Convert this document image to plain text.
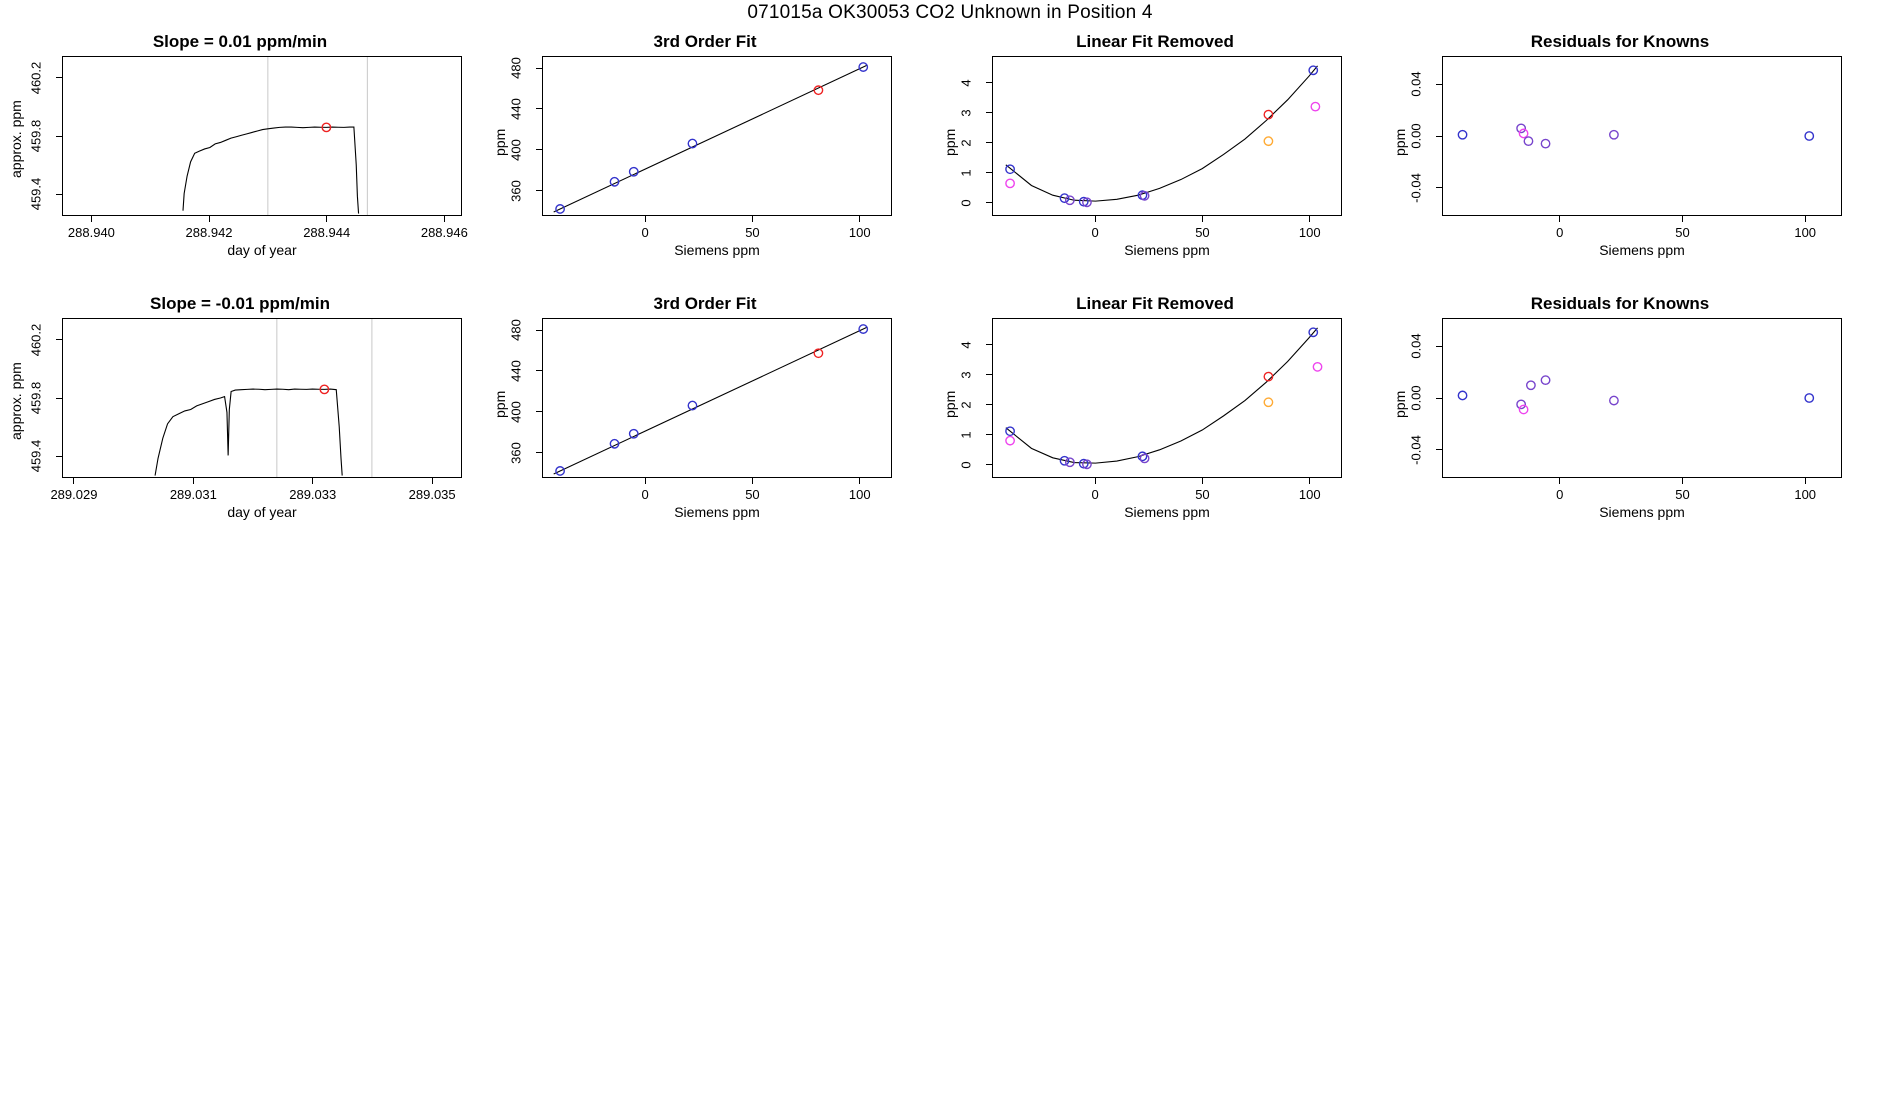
071015a OK30053 CO2 Unknown in Position 4
Slope = 0.01 ppm/min
approx. ppm
288.940	288.942	288.944	288.946
459.4
459.8
460.2
day of year
3rd Order Fit
ppm
0	50	100
360
400
440
480
Siemens ppm
Linear Fit Removed
ppm
0	50	100
0
1
2
3
4
Siemens ppm
Residuals for Knowns
ppm
0	50	100
-0.04
0.00
0.04
Siemens ppm
Slope = -0.01 ppm/min
approx. ppm
289.029	289.031	289.033	289.035
459.4
459.8
460.2
day of year
3rd Order Fit
ppm
0	50	100
360
400
440
480
Siemens ppm
Linear Fit Removed
ppm
0	50	100
0
1
2
3
4
Siemens ppm
Residuals for Knowns
ppm
0	50	100
-0.04
0.00
0.04
Siemens ppm
